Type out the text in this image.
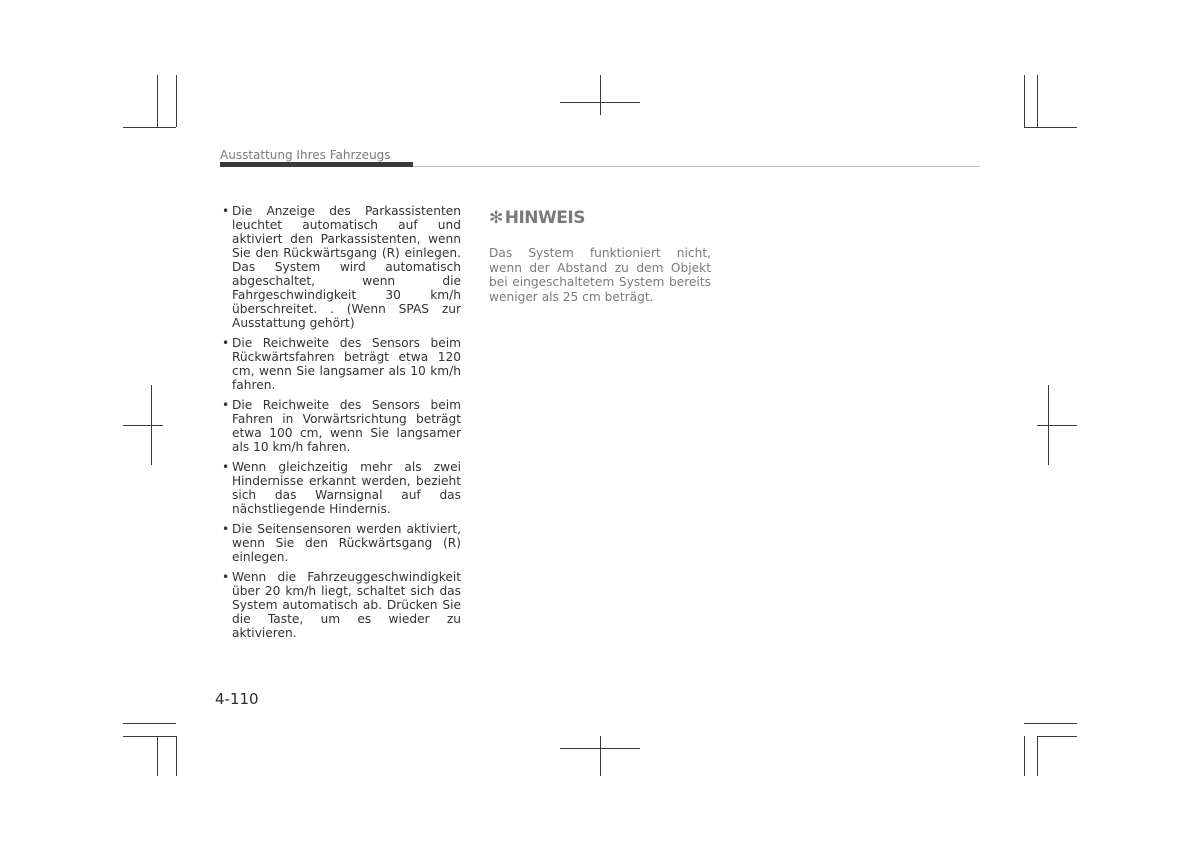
Ausstattung Ihres Fahrzeugs
• Die Anzeige des Parkassistenten leuchtet automatisch auf und aktiviert den Parkassistenten, wenn Sie den Rückwärtsgang (R) einlegen. Das System wird automatisch abgeschaltet, wenn die Fahrgeschwindigkeit 30 km/h überschreitet. . (Wenn SPAS zur Ausstattung gehört)
• Die Reichweite des Sensors beim Rückwärtsfahren beträgt etwa 120 cm, wenn Sie langsamer als 10 km/h fahren.
• Die Reichweite des Sensors beim Fahren in Vorwärtsrichtung beträgt etwa 100 cm, wenn Sie langsamer als 10 km/h fahren.
• Wenn gleichzeitig mehr als zwei Hindernisse erkannt werden, bezieht sich das Warnsignal auf das nächstliegende Hindernis.
• Die Seitensensoren werden aktiviert, wenn Sie den Rückwärtsgang (R) einlegen.
• Wenn die Fahrzeuggeschwindigkeit über 20 km/h liegt, schaltet sich das System automatisch ab. Drücken Sie die Taste, um es wieder zu aktivieren.
✻ HINWEIS

Das System funktioniert nicht, wenn der Abstand zu dem Objekt bei eingeschaltetem System bereits weniger als 25 cm beträgt.

4-110
